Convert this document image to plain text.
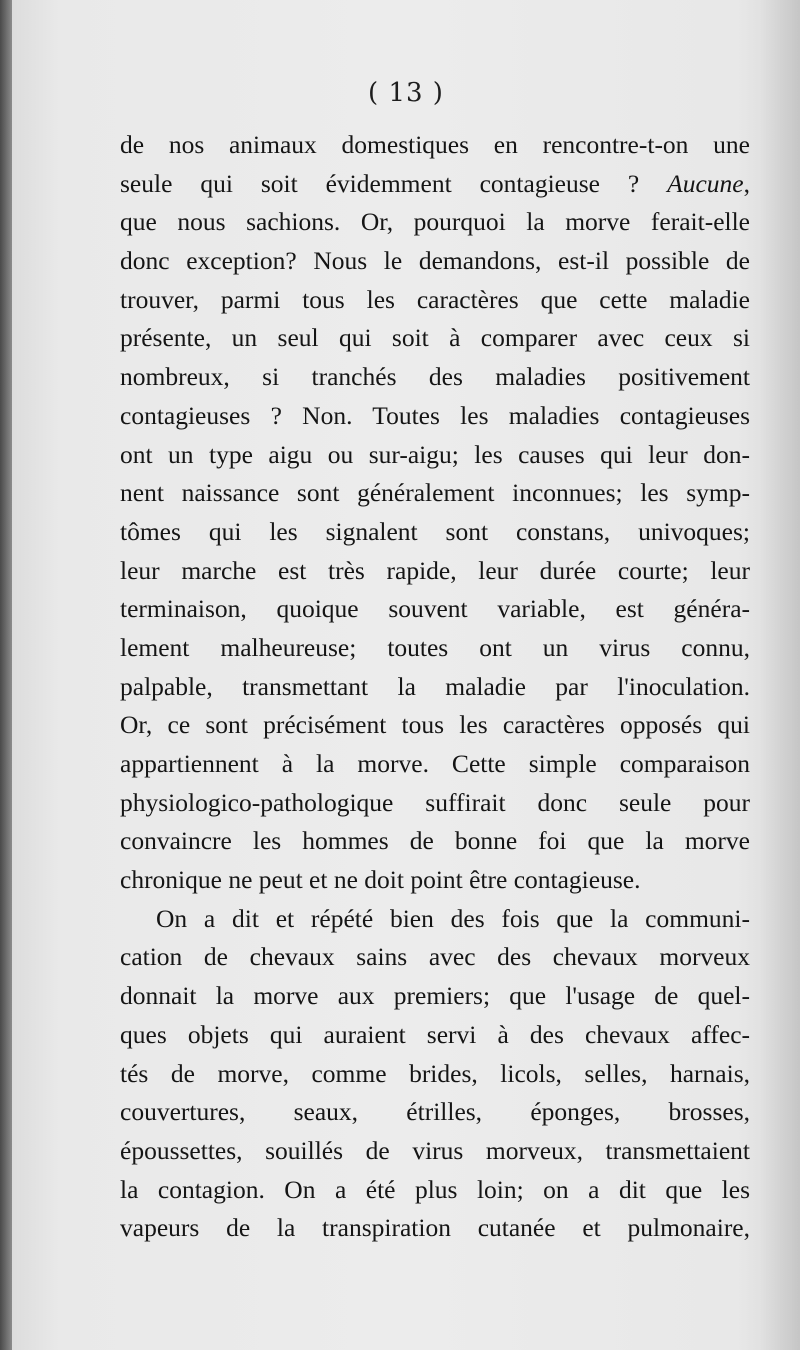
( 13 )
de nos animaux domestiques en rencontre-t-on une
seule qui soit évidemment contagieuse ? Aucune,
que nous sachions. Or, pourquoi la morve ferait-elle
donc exception? Nous le demandons, est-il possible de
trouver, parmi tous les caractères que cette maladie
présente, un seul qui soit à comparer avec ceux si
nombreux, si tranchés des maladies positivement
contagieuses ? Non. Toutes les maladies contagieuses
ont un type aigu ou sur-aigu; les causes qui leur don-
nent naissance sont généralement inconnues; les symp-
tômes qui les signalent sont constans, univoques;
leur marche est très rapide, leur durée courte; leur
terminaison, quoique souvent variable, est généra-
lement malheureuse; toutes ont un virus connu,
palpable, transmettant la maladie par l'inoculation.
Or, ce sont précisément tous les caractères opposés qui
appartiennent à la morve. Cette simple comparaison
physiologico-pathologique suffirait donc seule pour
convaincre les hommes de bonne foi que la morve
chronique ne peut et ne doit point être contagieuse.
On a dit et répété bien des fois que la communi-
cation de chevaux sains avec des chevaux morveux
donnait la morve aux premiers; que l'usage de quel-
ques objets qui auraient servi à des chevaux affec-
tés de morve, comme brides, licols, selles, harnais,
couvertures, seaux, étrilles, éponges, brosses,
époussettes, souillés de virus morveux, transmettaient
la contagion. On a été plus loin; on a dit que les
vapeurs de la transpiration cutanée et pulmonaire,
